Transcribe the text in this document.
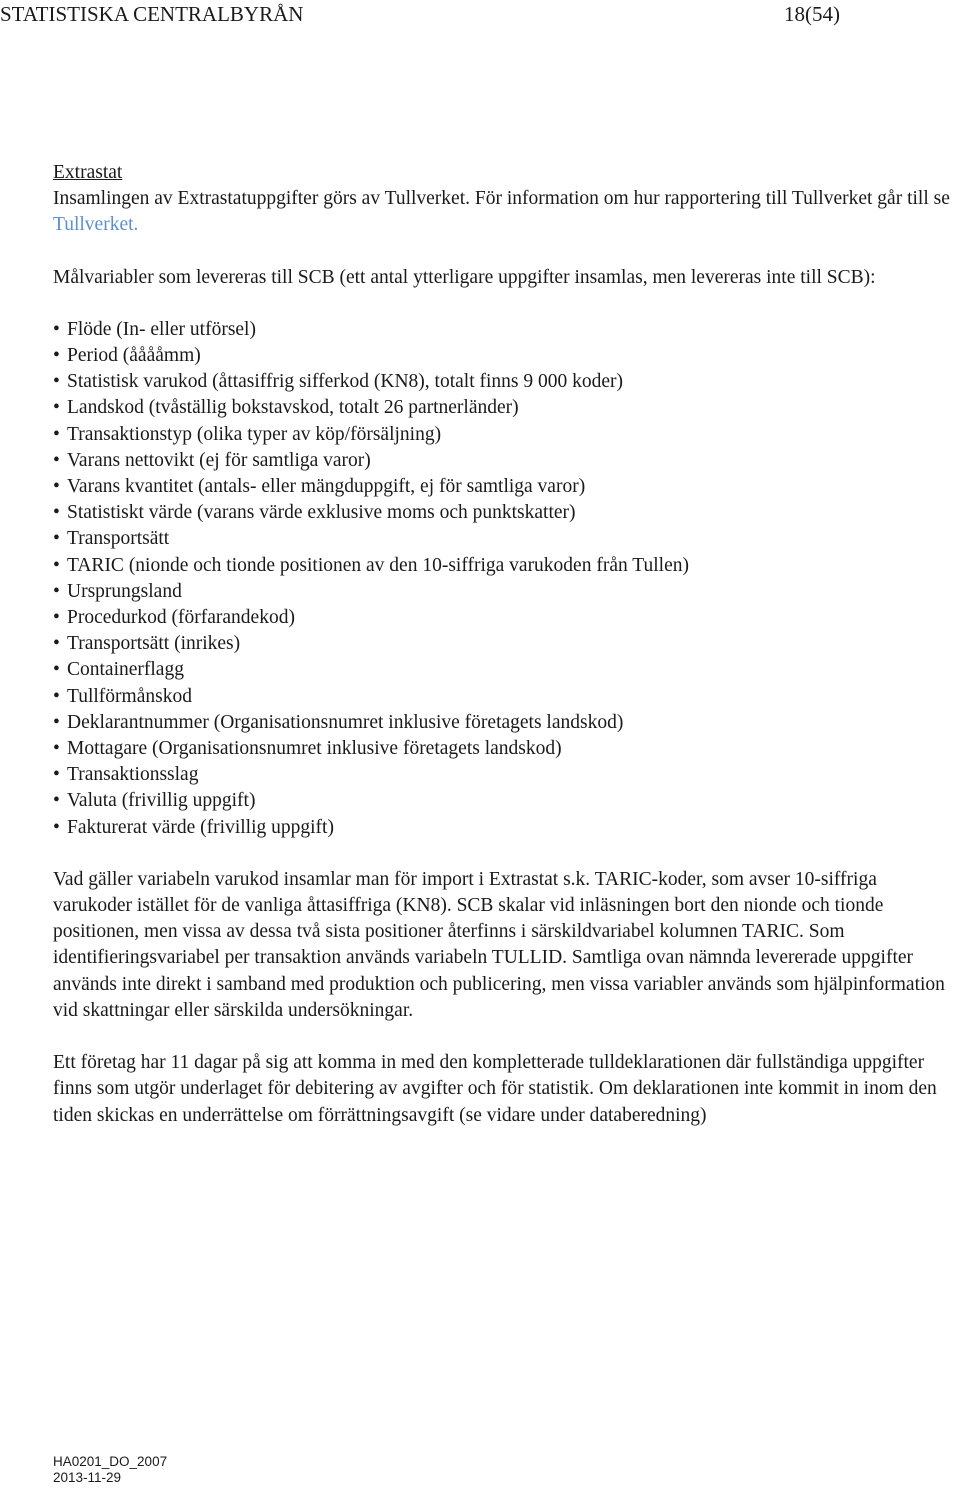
STATISTISKA CENTRALBYRÅN	18(54)

Extrastat

Insamlingen av Extrastatuppgifter görs av Tullverket. För information om hur rapportering till Tullverket går till se Tullverket.

Målvariabler som levereras till SCB (ett antal ytterligare uppgifter insamlas, men levereras inte till SCB):

• Flöde (In- eller utförsel)
• Period (ååååmm)
• Statistisk varukod (åttasiffrig sifferkod (KN8), totalt finns 9 000 koder)
• Landskod (tvåställig bokstavskod, totalt 26 partnerländer)
• Transaktionstyp (olika typer av köp/försäljning)
• Varans nettovikt (ej för samtliga varor)
• Varans kvantitet (antals- eller mängduppgift, ej för samtliga varor)
• Statistiskt värde (varans värde exklusive moms och punktskatter)
• Transportsätt
• TARIC (nionde och tionde positionen av den 10-siffriga varukoden från Tullen)
• Ursprungsland
• Procedurkod (förfarandekod)
• Transportsätt (inrikes)
• Containerflagg
• Tullförmånskod
• Deklarantnummer (Organisationsnumret inklusive företagets landskod)
• Mottagare (Organisationsnumret inklusive företagets landskod)
• Transaktionsslag
• Valuta (frivillig uppgift)
• Fakturerat värde (frivillig uppgift)

Vad gäller variabeln varukod insamlar man för import i Extrastat s.k. TARIC-koder, som avser 10-siffriga varukoder istället för de vanliga åttasiffriga (KN8). SCB skalar vid inläsningen bort den nionde och tionde positionen, men vissa av dessa två sista positioner återfinns i särskildvariabel kolumnen TARIC. Som identifieringsvariabel per transaktion används variabeln TULLID. Samtliga ovan nämnda levererade uppgifter används inte direkt i samband med produktion och publicering, men vissa variabler används som hjälpinformation vid skattningar eller särskilda undersökningar.

Ett företag har 11 dagar på sig att komma in med den kompletterade tulldeklarationen där fullständiga uppgifter finns som utgör underlaget för debitering av avgifter och för statistik. Om deklarationen inte kommit in inom den tiden skickas en underrättelse om förrättningsavgift (se vidare under databeredning)

HA0201_DO_2007
2013-11-29
